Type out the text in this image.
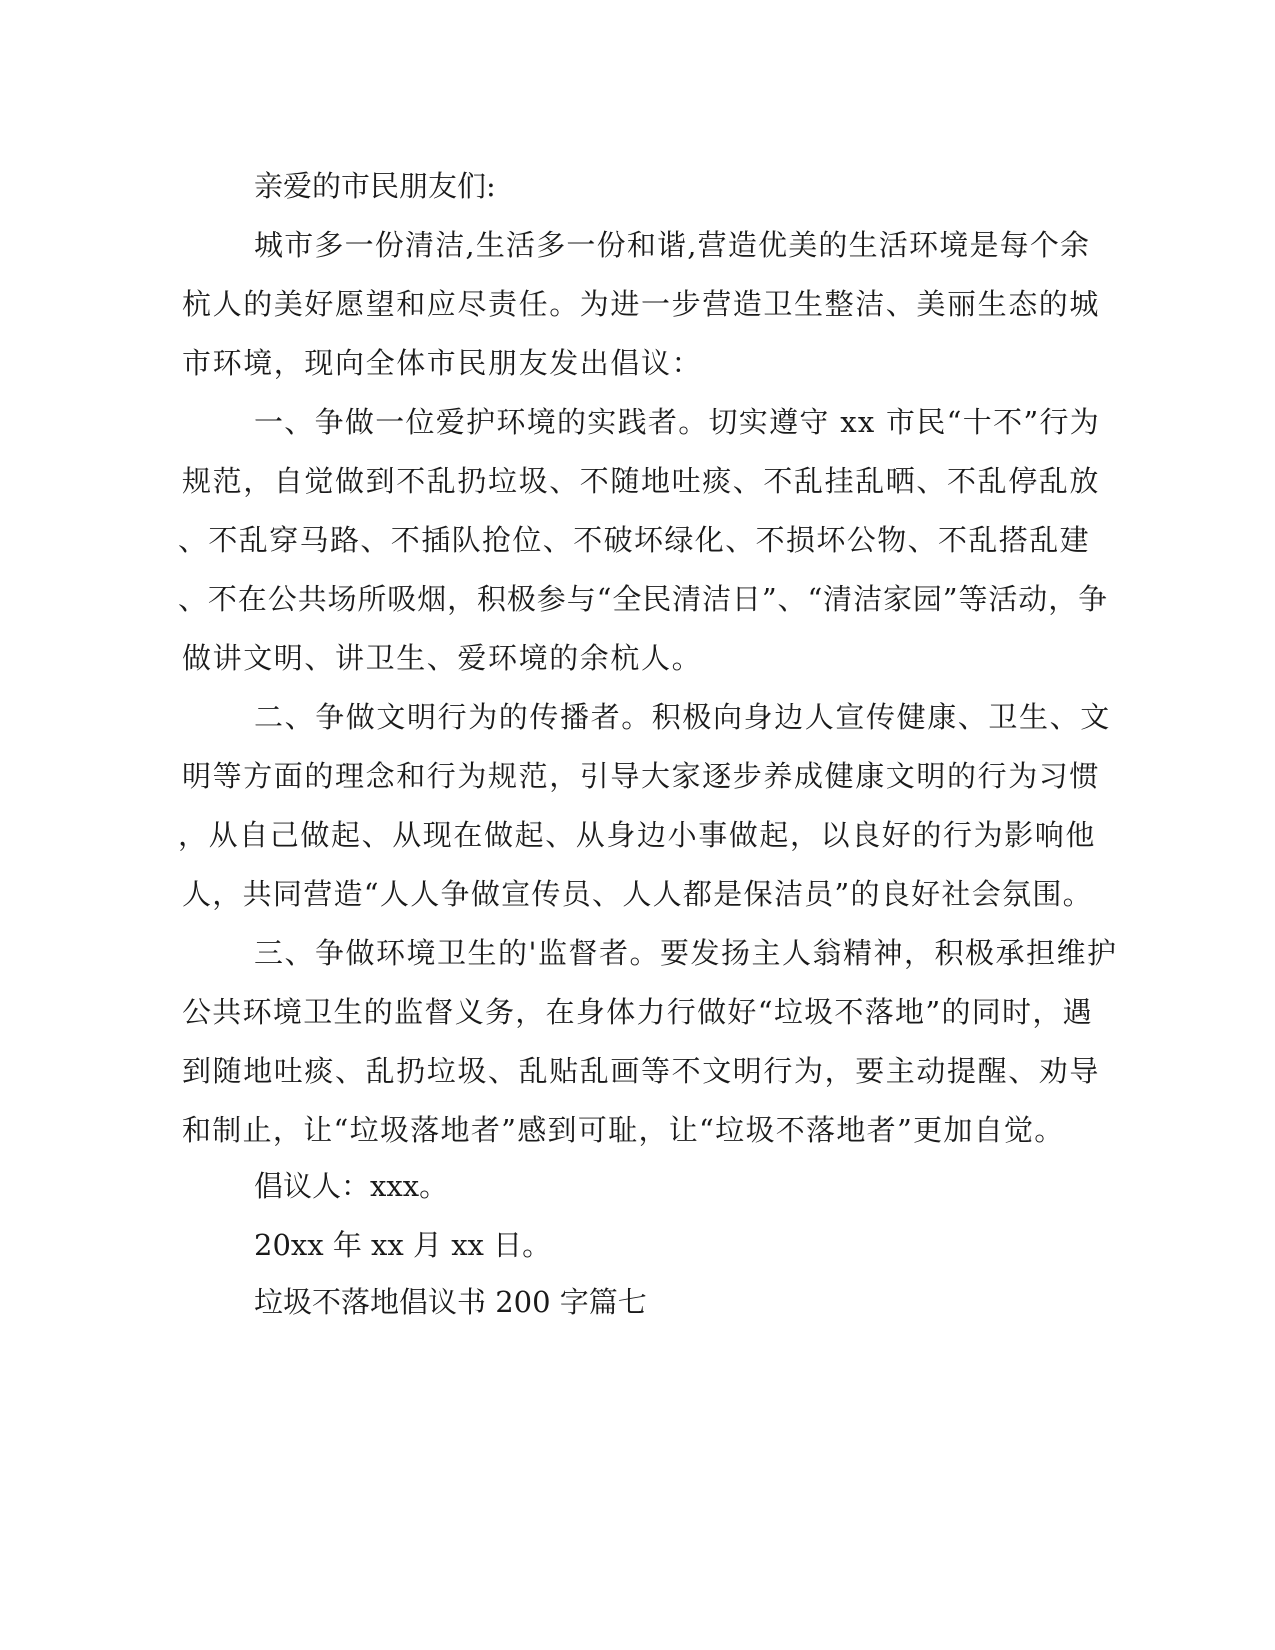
亲爱的市民朋友们:
城市多一份清洁,生活多一份和谐,营造优美的生活环境是每个余
杭人的美好愿望和应尽责任。为进一步营造卫生整洁、美丽生态的城
市环境，现向全体市民朋友发出倡议：
一、争做一位爱护环境的实践者。切实遵守 xx 市民“十不”行为
规范，自觉做到不乱扔垃圾、不随地吐痰、不乱挂乱晒、不乱停乱放
、不乱穿马路、不插队抢位、不破坏绿化、不损坏公物、不乱搭乱建
、不在公共场所吸烟，积极参与“全民清洁日”、“清洁家园”等活动，争
做讲文明、讲卫生、爱环境的余杭人。
二、争做文明行为的传播者。积极向身边人宣传健康、卫生、文
明等方面的理念和行为规范，引导大家逐步养成健康文明的行为习惯
，从自己做起、从现在做起、从身边小事做起，以良好的行为影响他
人，共同营造“人人争做宣传员、人人都是保洁员”的良好社会氛围。
三、争做环境卫生的'监督者。要发扬主人翁精神，积极承担维护
公共环境卫生的监督义务，在身体力行做好“垃圾不落地”的同时，遇
到随地吐痰、乱扔垃圾、乱贴乱画等不文明行为，要主动提醒、劝导
和制止，让“垃圾落地者”感到可耻，让“垃圾不落地者”更加自觉。
倡议人：xxx。
20xx 年 xx 月 xx 日。
垃圾不落地倡议书 200 字篇七
